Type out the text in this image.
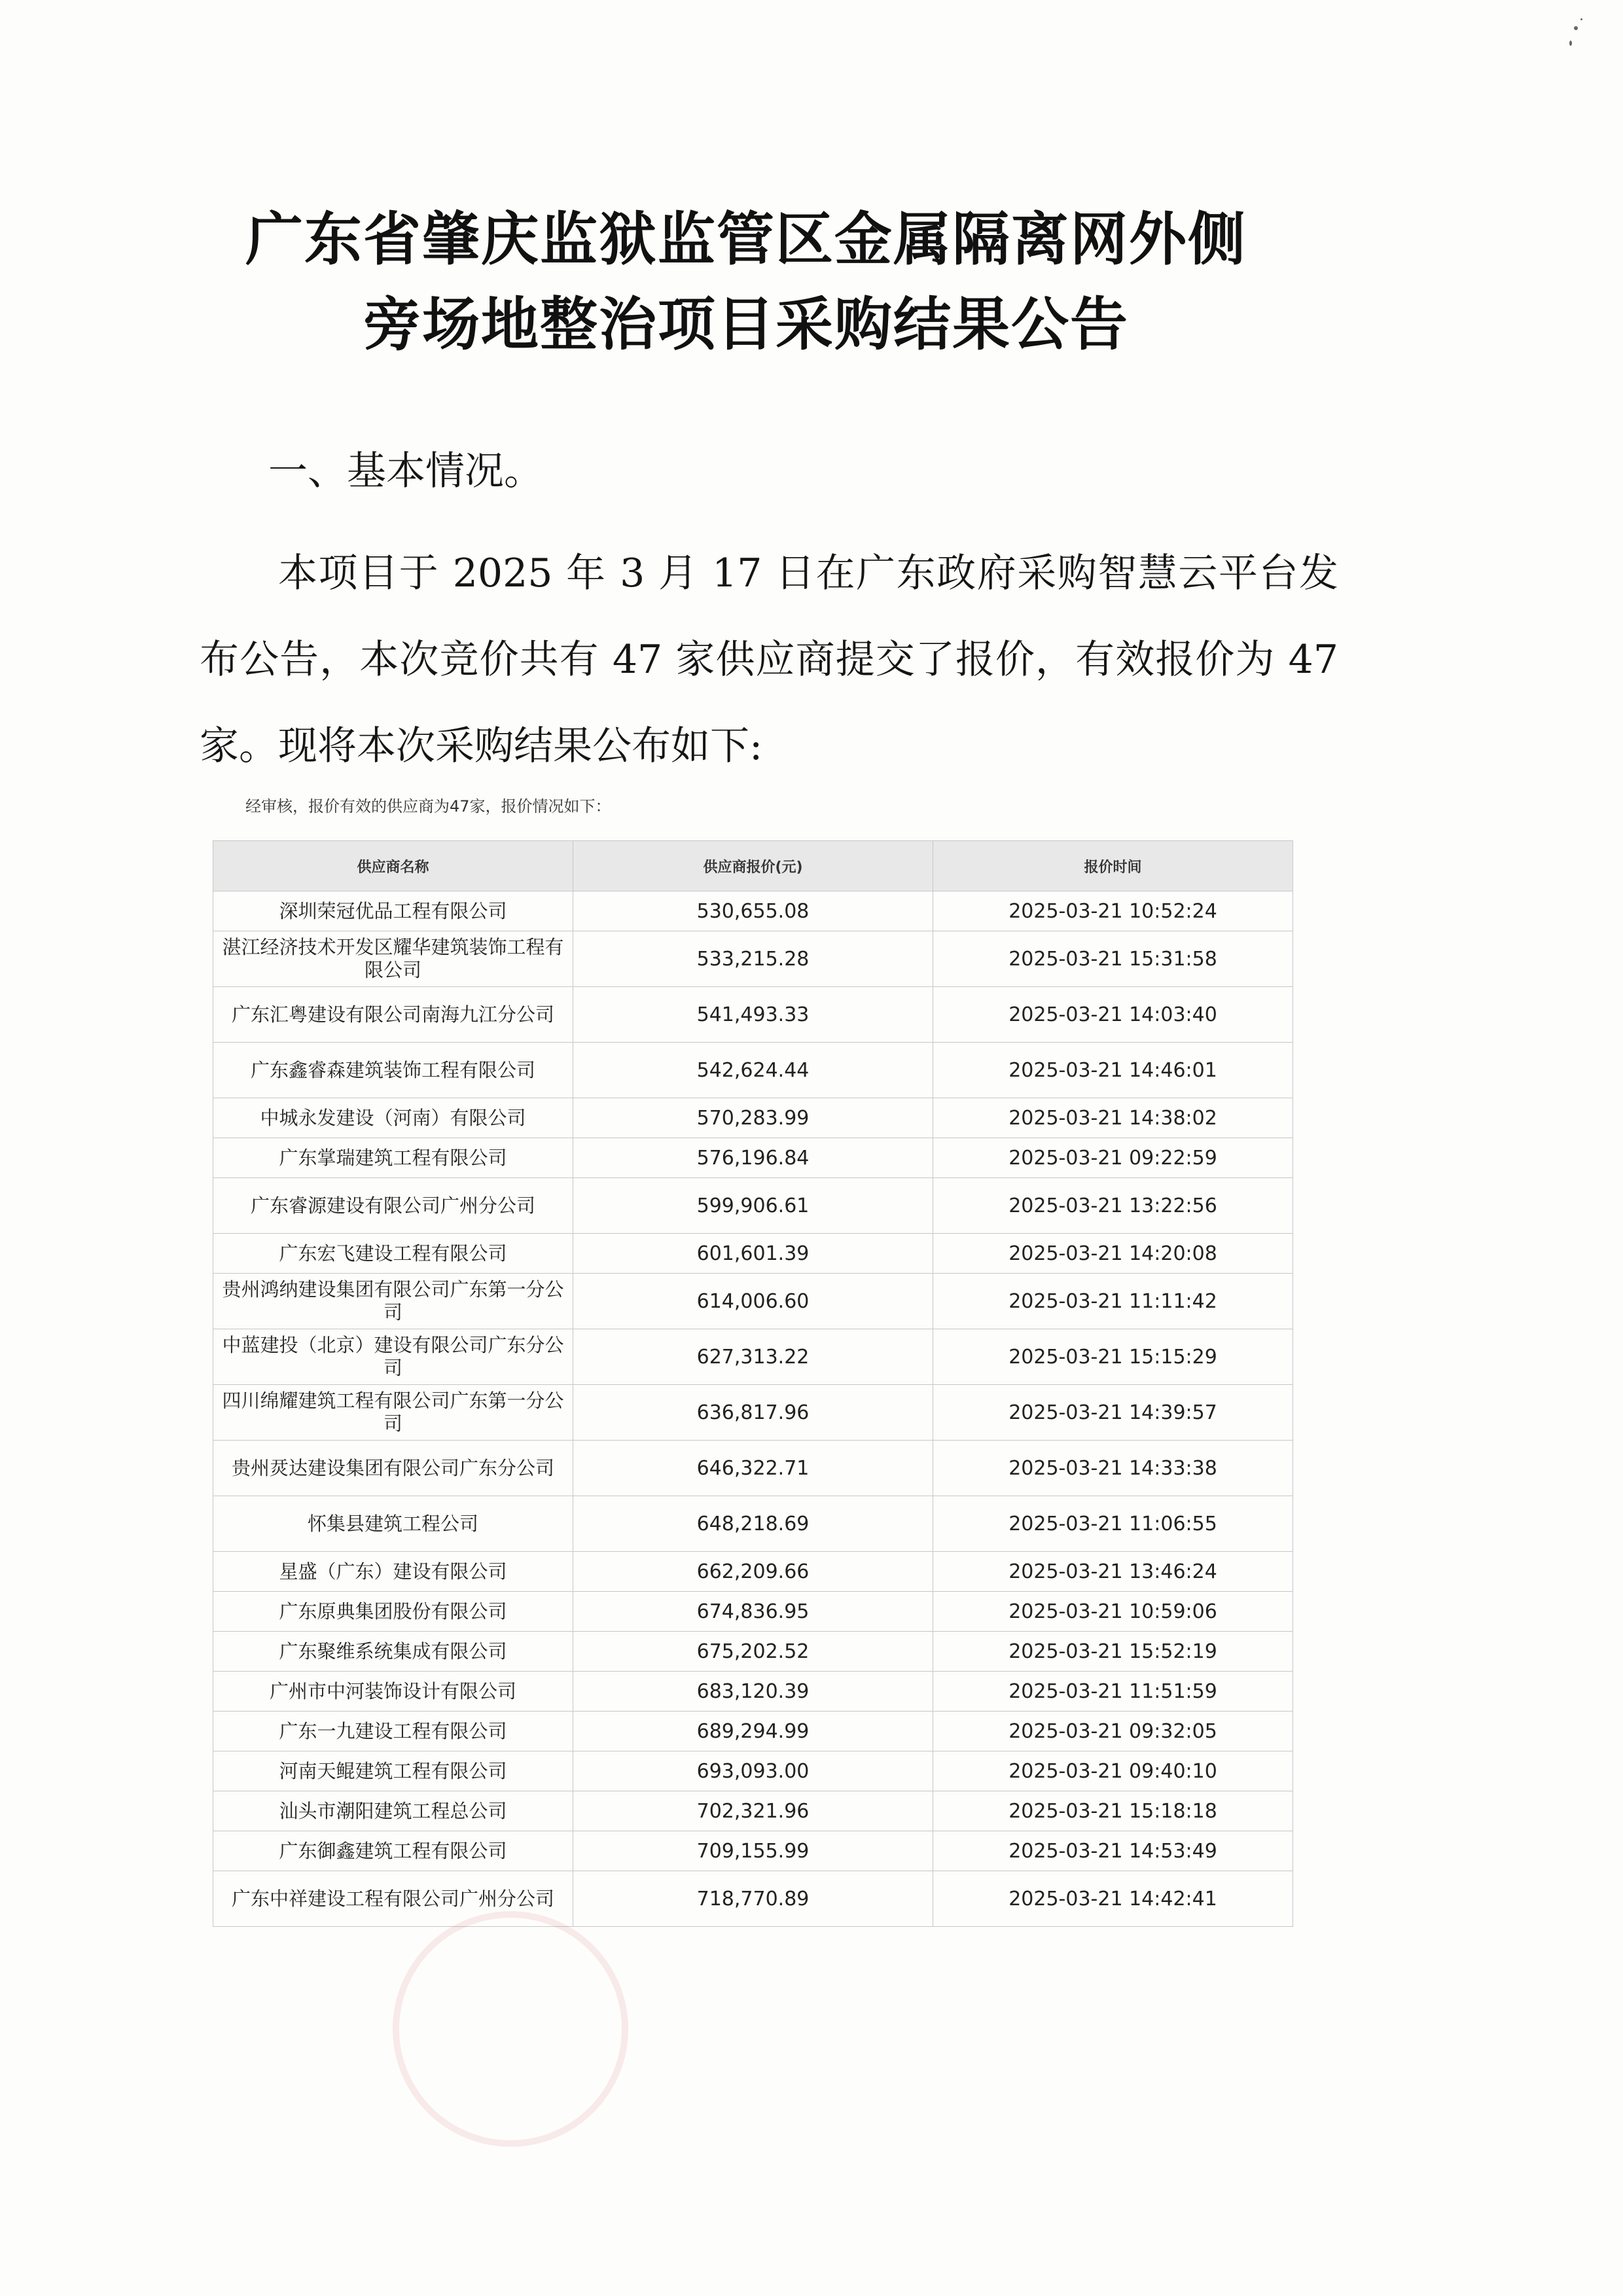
广东省肇庆监狱监管区金属隔离网外侧
旁场地整治项目采购结果公告
一、基本情况。

本项目于 2025 年 3 月 17 日在广东政府采购智慧云平台发布公告，本次竞价共有 47 家供应商提交了报价，有效报价为 47 家。现将本次采购结果公布如下:

经审核，报价有效的供应商为47家，报价情况如下：
供应商名称	供应商报价(元)	报价时间
深圳荣冠优品工程有限公司	530,655.08	2025-03-21 10:52:24
湛江经济技术开发区耀华建筑装饰工程有限公司	533,215.28	2025-03-21 15:31:58
广东汇粤建设有限公司南海九江分公司	541,493.33	2025-03-21 14:03:40
广东鑫睿森建筑装饰工程有限公司	542,624.44	2025-03-21 14:46:01
中城永发建设（河南）有限公司	570,283.99	2025-03-21 14:38:02
广东掌瑞建筑工程有限公司	576,196.84	2025-03-21 09:22:59
广东睿源建设有限公司广州分公司	599,906.61	2025-03-21 13:22:56
广东宏飞建设工程有限公司	601,601.39	2025-03-21 14:20:08
贵州鸿纳建设集团有限公司广东第一分公司	614,006.60	2025-03-21 11:11:42
中蓝建投（北京）建设有限公司广东分公司	627,313.22	2025-03-21 15:15:29
四川绵耀建筑工程有限公司广东第一分公司	636,817.96	2025-03-21 14:39:57
贵州烎达建设集团有限公司广东分公司	646,322.71	2025-03-21 14:33:38
怀集县建筑工程公司	648,218.69	2025-03-21 11:06:55
星盛（广东）建设有限公司	662,209.66	2025-03-21 13:46:24
广东原典集团股份有限公司	674,836.95	2025-03-21 10:59:06
广东聚维系统集成有限公司	675,202.52	2025-03-21 15:52:19
广州市中河装饰设计有限公司	683,120.39	2025-03-21 11:51:59
广东一九建设工程有限公司	689,294.99	2025-03-21 09:32:05
河南天鲲建筑工程有限公司	693,093.00	2025-03-21 09:40:10
汕头市潮阳建筑工程总公司	702,321.96	2025-03-21 15:18:18
广东御鑫建筑工程有限公司	709,155.99	2025-03-21 14:53:49
广东中祥建设工程有限公司广州分公司	718,770.89	2025-03-21 14:42:41
